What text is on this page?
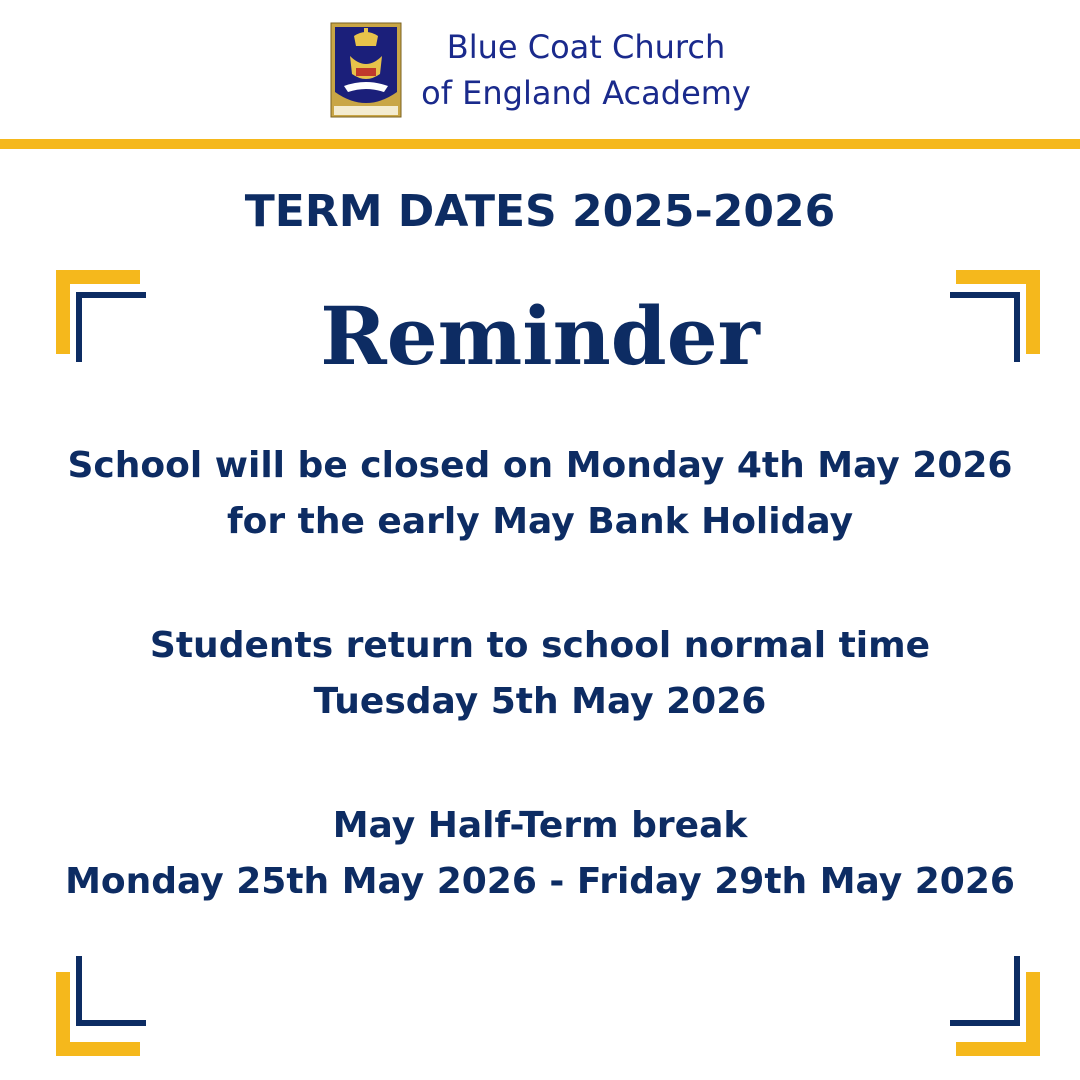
Blue Coat Church
of England Academy
TERM DATES 2025-2026
Reminder
School will be closed on Monday 4th May 2026
for the early May Bank Holiday
Students return to school normal time
Tuesday 5th May 2026
May Half-Term break
Monday 25th May 2026 - Friday 29th May 2026
